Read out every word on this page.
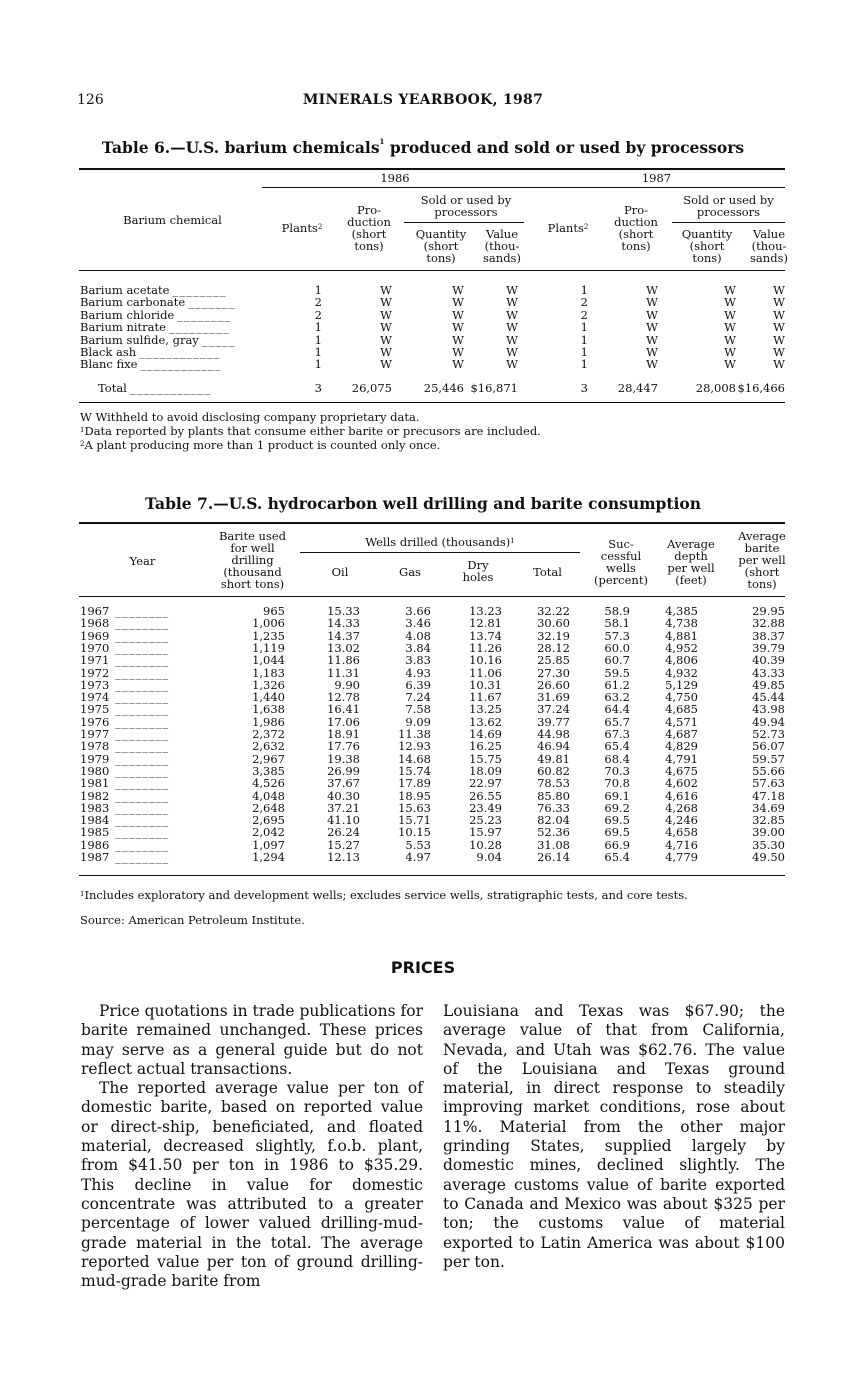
126	MINERALS YEARBOOK, 1987
Table 6.—U.S. barium chemicals$^1$ produced and sold or used by processors
1986	1987
Barium chemical
Plants$^2$	Plants$^2$
Pro-
duction
(short
tons)
Pro-
duction
(short
tons)
Sold or used by
processors
Sold or used by
processors
Quantity
(short
tons)
Value
(thou-
sands)
Quantity
(short
tons)
Value
(thou-
sands)
Barium acetate ________	1	W	W	W	1	W	W	W
Barium carbonate _______	2	W	W	W	2	W	W	W
Barium chloride ________	2	W	W	W	2	W	W	W
Barium nitrate _________	1	W	W	W	1	W	W	W
Barium sulfide, gray _____	1	W	W	W	1	W	W	W
Black ash ____________	1	W	W	W	1	W	W	W
Blanc fixe ____________	1	W	W	W	1	W	W	W
Total ____________	3	26,075	25,446 $16,871	3	28,447	28,008 $16,466
W Withheld to avoid disclosing company proprietary data.
$^1$Data reported by plants that consume either barite or precusors are included.
$^2$A plant producing more than 1 product is counted only once.
Table 7.—U.S. hydrocarbon well drilling and barite consumption
Year
Barite used
for well
drilling
(thousand
short tons)
Wells drilled (thousands)$^1$
Oil	Gas	Dry
holes	Total
Suc-
cessful
wells
(percent)
Average
depth
per well
(feet)
Average
barite
per well
(short
tons)
1967 ________	965	15.33	3.66	13.23	32.22	58.9	4,385	29.95
1968 ________	1,006	14.33	3.46	12.81	30.60	58.1	4,738	32.88
1969 ________	1,235	14.37	4.08	13.74	32.19	57.3	4,881	38.37
1970 ________	1,119	13.02	3.84	11.26	28.12	60.0	4,952	39.79
1971 ________	1,044	11.86	3.83	10.16	25.85	60.7	4,806	40.39
1972 ________	1,183	11.31	4.93	11.06	27.30	59.5	4,932	43.33
1973 ________	1,326	9.90	6.39	10.31	26.60	61.2	5,129	49.85
1974 ________	1,440	12.78	7.24	11.67	31.69	63.2	4,750	45.44
1975 ________	1,638	16.41	7.58	13.25	37.24	64.4	4,685	43.98
1976 ________	1,986	17.06	9.09	13.62	39.77	65.7	4,571	49.94
1977 ________	2,372	18.91	11.38	14.69	44.98	67.3	4,687	52.73
1978 ________	2,632	17.76	12.93	16.25	46.94	65.4	4,829	56.07
1979 ________	2,967	19.38	14.68	15.75	49.81	68.4	4,791	59.57
1980 ________	3,385	26.99	15.74	18.09	60.82	70.3	4,675	55.66
1981 ________	4,526	37.67	17.89	22.97	78.53	70.8	4,602	57.63
1982 ________	4,048	40.30	18.95	26.55	85.80	69.1	4,616	47.18
1983 ________	2,648	37.21	15.63	23.49	76.33	69.2	4,268	34.69
1984 ________	2,695	41.10	15.71	25.23	82.04	69.5	4,246	32.85
1985 ________	2,042	26.24	10.15	15.97	52.36	69.5	4,658	39.00
1986 ________	1,097	15.27	5.53	10.28	31.08	66.9	4,716	35.30
1987 ________	1,294	12.13	4.97	9.04	26.14	65.4	4,779	49.50
$^1$Includes exploratory and development wells; excludes service wells, stratigraphic tests, and core tests.
Source: American Petroleum Institute.
PRICES

Price quotations in trade publications for barite remained unchanged. These prices may serve as a general guide but do not reflect actual transactions.

The reported average value per ton of domestic barite, based on reported value or direct-ship, beneficiated, and floated material, decreased slightly, f.o.b. plant, from $41.50 per ton in 1986 to $35.29. This decline in value for domestic concentrate was attributed to a greater percentage of lower valued drilling-mud-grade material in the total. The average reported value per ton of ground drilling-mud-grade barite from

Louisiana and Texas was $67.90; the average value of that from California, Nevada, and Utah was $62.76. The value of the Louisiana and Texas ground material, in direct response to steadily improving market conditions, rose about 11%. Material from the other major grinding States, supplied largely by domestic mines, declined slightly. The average customs value of barite exported to Canada and Mexico was about $325 per ton; the customs value of material exported to Latin America was about $100 per ton.
